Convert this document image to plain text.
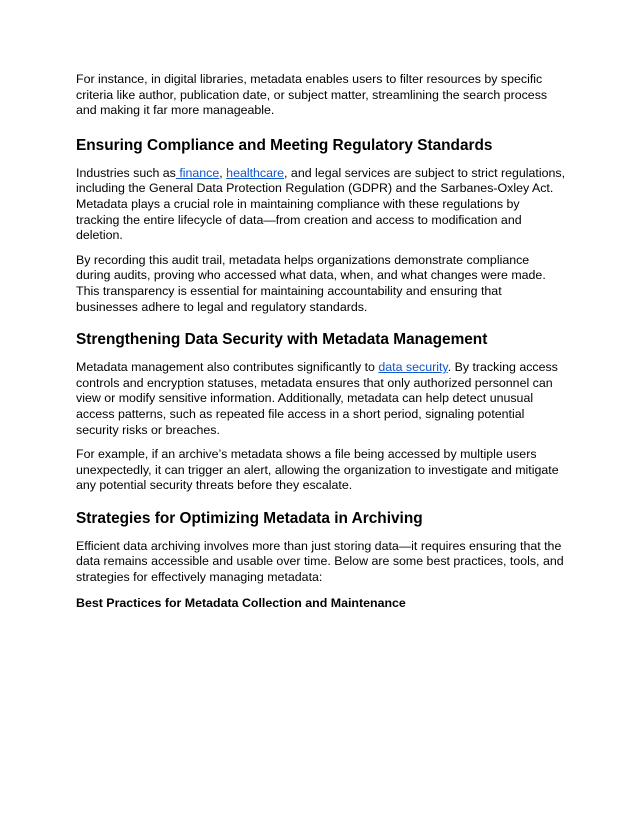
For instance, in digital libraries, metadata enables users to filter resources by specific criteria like author, publication date, or subject matter, streamlining the search process and making it far more manageable.

Ensuring Compliance and Meeting Regulatory Standards

Industries such as finance, healthcare, and legal services are subject to strict regulations, including the General Data Protection Regulation (GDPR) and the Sarbanes-Oxley Act. Metadata plays a crucial role in maintaining compliance with these regulations by tracking the entire lifecycle of data—from creation and access to modification and deletion.

By recording this audit trail, metadata helps organizations demonstrate compliance during audits, proving who accessed what data, when, and what changes were made. This transparency is essential for maintaining accountability and ensuring that businesses adhere to legal and regulatory standards.

Strengthening Data Security with Metadata Management

Metadata management also contributes significantly to data security. By tracking access controls and encryption statuses, metadata ensures that only authorized personnel can view or modify sensitive information. Additionally, metadata can help detect unusual access patterns, such as repeated file access in a short period, signaling potential security risks or breaches.

For example, if an archive’s metadata shows a file being accessed by multiple users unexpectedly, it can trigger an alert, allowing the organization to investigate and mitigate any potential security threats before they escalate.

Strategies for Optimizing Metadata in Archiving

Efficient data archiving involves more than just storing data—it requires ensuring that the data remains accessible and usable over time. Below are some best practices, tools, and strategies for effectively managing metadata:

Best Practices for Metadata Collection and Maintenance
